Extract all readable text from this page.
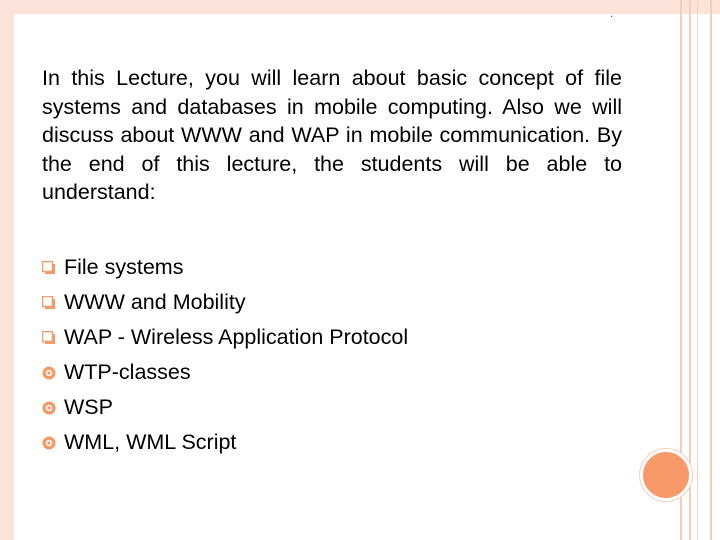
.

In this Lecture, you will learn about basic concept of file systems and databases in mobile computing. Also we will discuss about WWW and WAP in mobile communication. By the end of this lecture, the students will be able to understand:

File systems
WWW and Mobility
WAP - Wireless Application Protocol
WTP-classes
WSP
WML, WML Script
